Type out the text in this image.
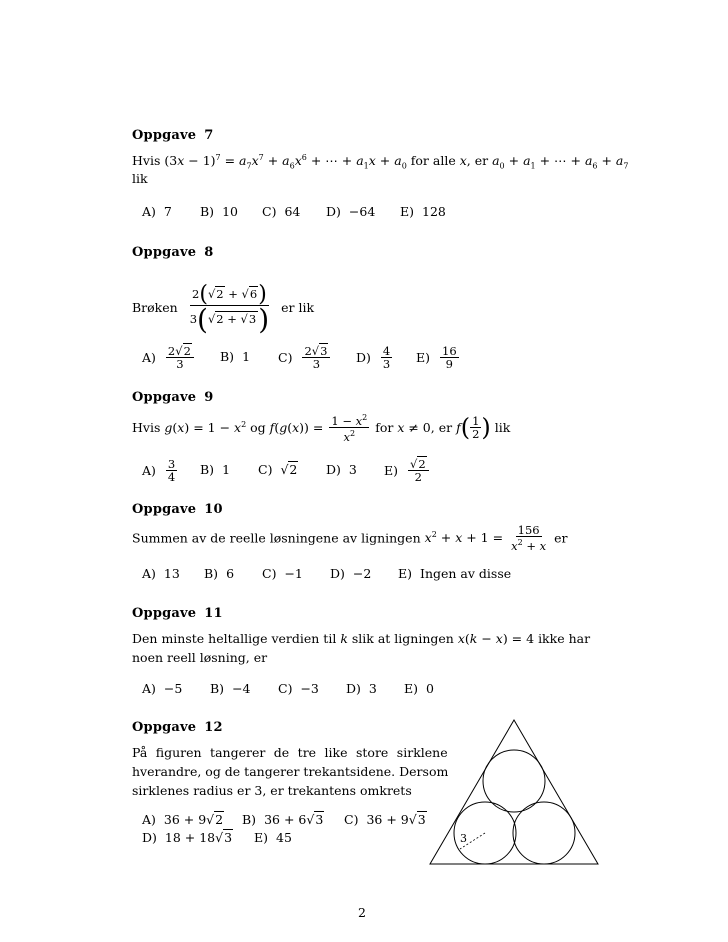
Oppgave 7
Hvis $(3x - 1)^7 = a_7x^7 + a_6x^6$ + ⋯ + $a_1x + a_0$ for alle x, er $a_0 + a_1$ + ⋯ + $a_6 + a_7$
lik
A) 7 B) 10 C) 64 D) −64 E) 128
Oppgave 8
Brøken $\frac{2(√2 + √6)}{3(√2 + √3)}$ er lik
$A) \frac{2√2}{3} B$) 1 $C) \frac{2√3}{3} D) \frac{4}{3} E) \frac{16}{9}$
Oppgave 9
Hvis $g(x) = 1 - x^2$ og $f(g(x)) = \frac{1 - x^2}{x^2}$ for x ≠ 0, er $f( \frac{1}{2}$ ) lik
$A) \frac{3}{4} B$) 1 C) √2 D) 3 $E) \frac{√2}{2}$
Oppgave 10
Summen av de reelle løsningene av ligningen $x^2 + x + 1 = \frac{156}{x^2 + x}$ er
A) 13 B) 6 C) −1 D) −2 E) Ingen av disse
Oppgave 11
Den minste heltallige verdien til k slik at ligningen x(k − x) = 4 ikke har
noen reell løsning, er
A) −5 B) −4 C) −3 D) 3 E) 0
Oppgave 12
På figuren tangerer de tre like store sirklene
hverandre, og de tangerer trekantsidene. Dersom
sirklenes radius er 3, er trekantens omkrets
A) 36 + 9√2 B) 36 + 6√3 C) 36 + 9√3
D) 18 + 18√3 E) 45	3
2
